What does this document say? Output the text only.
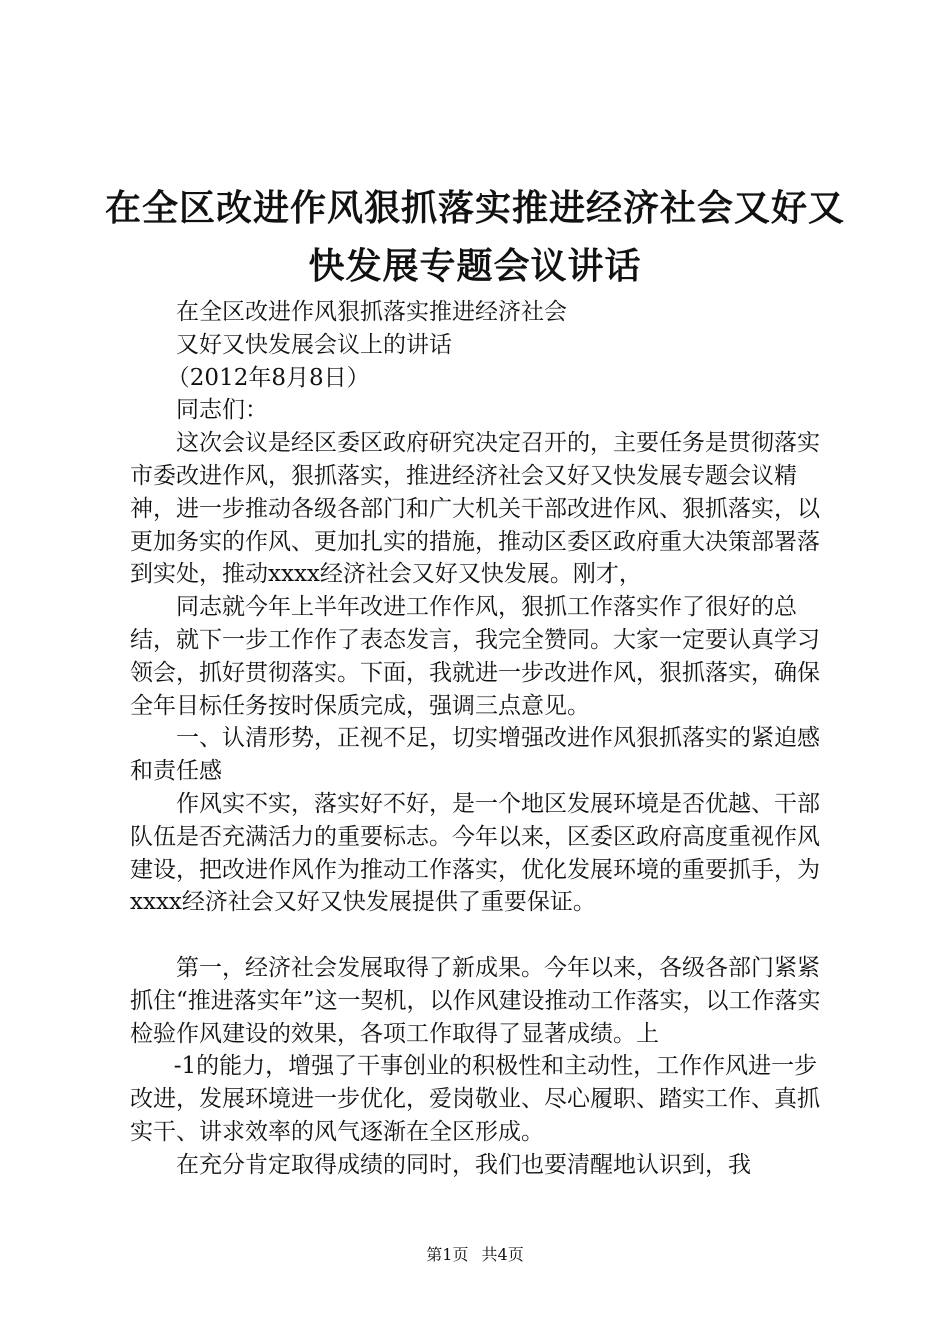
在全区改进作风狠抓落实推进经济社会又好又快发展专题会议讲话

在全区改进作风狠抓落实推进经济社会

又好又快发展会议上的讲话

（2012年8月8日）

同志们：

这次会议是经区委区政府研究决定召开的，主要任务是贯彻落实市委改进作风，狠抓落实，推进经济社会又好又快发展专题会议精神，进一步推动各级各部门和广大机关干部改进作风、狠抓落实，以更加务实的作风、更加扎实的措施，推动区委区政府重大决策部署落到实处，推动xxxx经济社会又好又快发展。刚才，

同志就今年上半年改进工作作风，狠抓工作落实作了很好的总结，就下一步工作作了表态发言，我完全赞同。大家一定要认真学习领会，抓好贯彻落实。下面，我就进一步改进作风，狠抓落实，确保全年目标任务按时保质完成，强调三点意见。

一、认清形势，正视不足，切实增强改进作风狠抓落实的紧迫感和责任感

作风实不实，落实好不好，是一个地区发展环境是否优越、干部队伍是否充满活力的重要标志。今年以来，区委区政府高度重视作风建设，把改进作风作为推动工作落实，优化发展环境的重要抓手，为xxxx经济社会又好又快发展提供了重要保证。

第一，经济社会发展取得了新成果。今年以来，各级各部门紧紧抓住“推进落实年”这一契机，以作风建设推动工作落实，以工作落实检验作风建设的效果，各项工作取得了显著成绩。上

-1的能力，增强了干事创业的积极性和主动性，工作作风进一步改进，发展环境进一步优化，爱岗敬业、尽心履职、踏实工作、真抓实干、讲求效率的风气逐渐在全区形成。

在充分肯定取得成绩的同时，我们也要清醒地认识到，我

第1页 共4页
